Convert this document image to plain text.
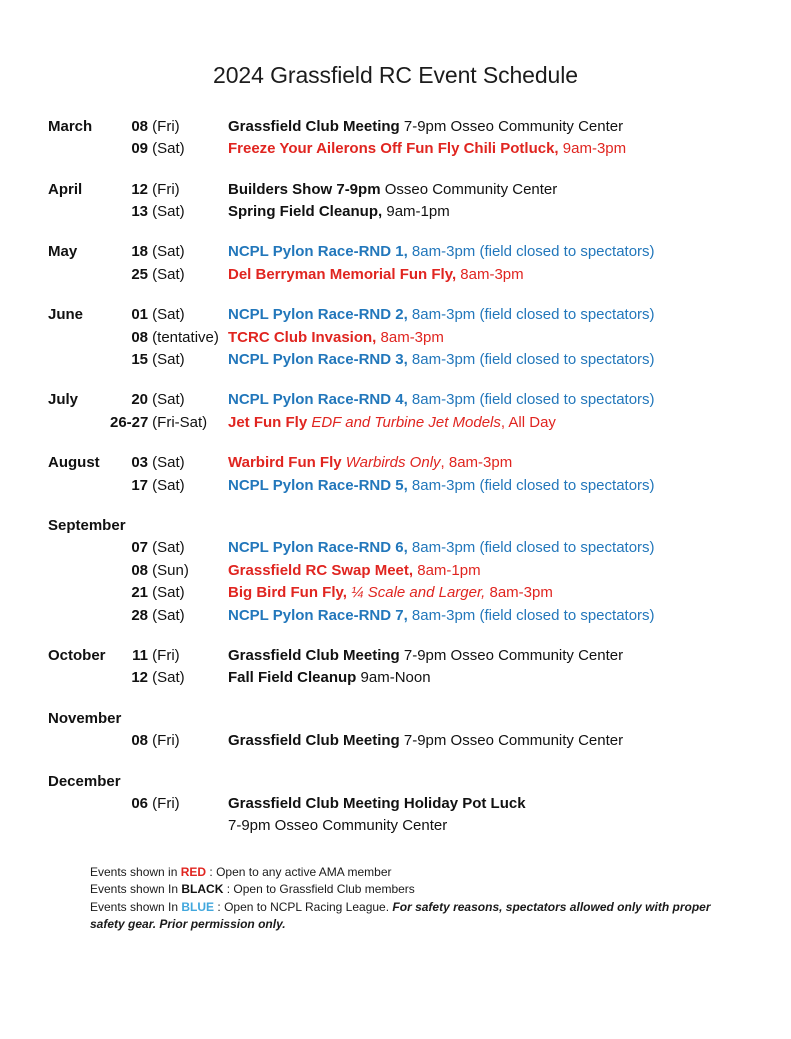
2024 Grassfield RC Event Schedule
March	08 (Fri)	Grassfield Club Meeting 7-9pm Osseo Community Center
09 (Sat)	Freeze Your Ailerons Off Fun Fly Chili Potluck, 9am-3pm
April	12 (Fri)	Builders Show 7-9pm Osseo Community Center
13 (Sat)	Spring Field Cleanup, 9am-1pm
May	18 (Sat)	NCPL Pylon Race-RND 1, 8am-3pm (field closed to spectators)
25 (Sat)	Del Berryman Memorial Fun Fly, 8am-3pm
June	01 (Sat)	NCPL Pylon Race-RND 2, 8am-3pm (field closed to spectators)
08 (tentative) TCRC Club Invasion, 8am-3pm
15 (Sat)	NCPL Pylon Race-RND 3, 8am-3pm (field closed to spectators)
July	20 (Sat)	NCPL Pylon Race-RND 4, 8am-3pm (field closed to spectators)
26-27 (Fri-Sat)	Jet Fun Fly EDF and Turbine Jet Models, All Day
August	03 (Sat)	Warbird Fun Fly Warbirds Only, 8am-3pm
17 (Sat)	NCPL Pylon Race-RND 5, 8am-3pm (field closed to spectators)
September
07 (Sat)	NCPL Pylon Race-RND 6, 8am-3pm (field closed to spectators)
08 (Sun)	Grassfield RC Swap Meet, 8am-1pm
21 (Sat)	Big Bird Fun Fly, ¼ Scale and Larger, 8am-3pm
28 (Sat)	NCPL Pylon Race-RND 7, 8am-3pm (field closed to spectators)
October	11 (Fri)	Grassfield Club Meeting 7-9pm Osseo Community Center
12 (Sat)	Fall Field Cleanup 9am-Noon
November
08 (Fri)	Grassfield Club Meeting 7-9pm Osseo Community Center
December
06 (Fri)	Grassfield Club Meeting Holiday Pot Luck
7-9pm Osseo Community Center
Events shown in RED : Open to any active AMA member
Events shown In BLACK : Open to Grassfield Club members
Events shown In BLUE : Open to NCPL Racing League. For safety reasons, spectators allowed only with proper safety gear. Prior permission only.
